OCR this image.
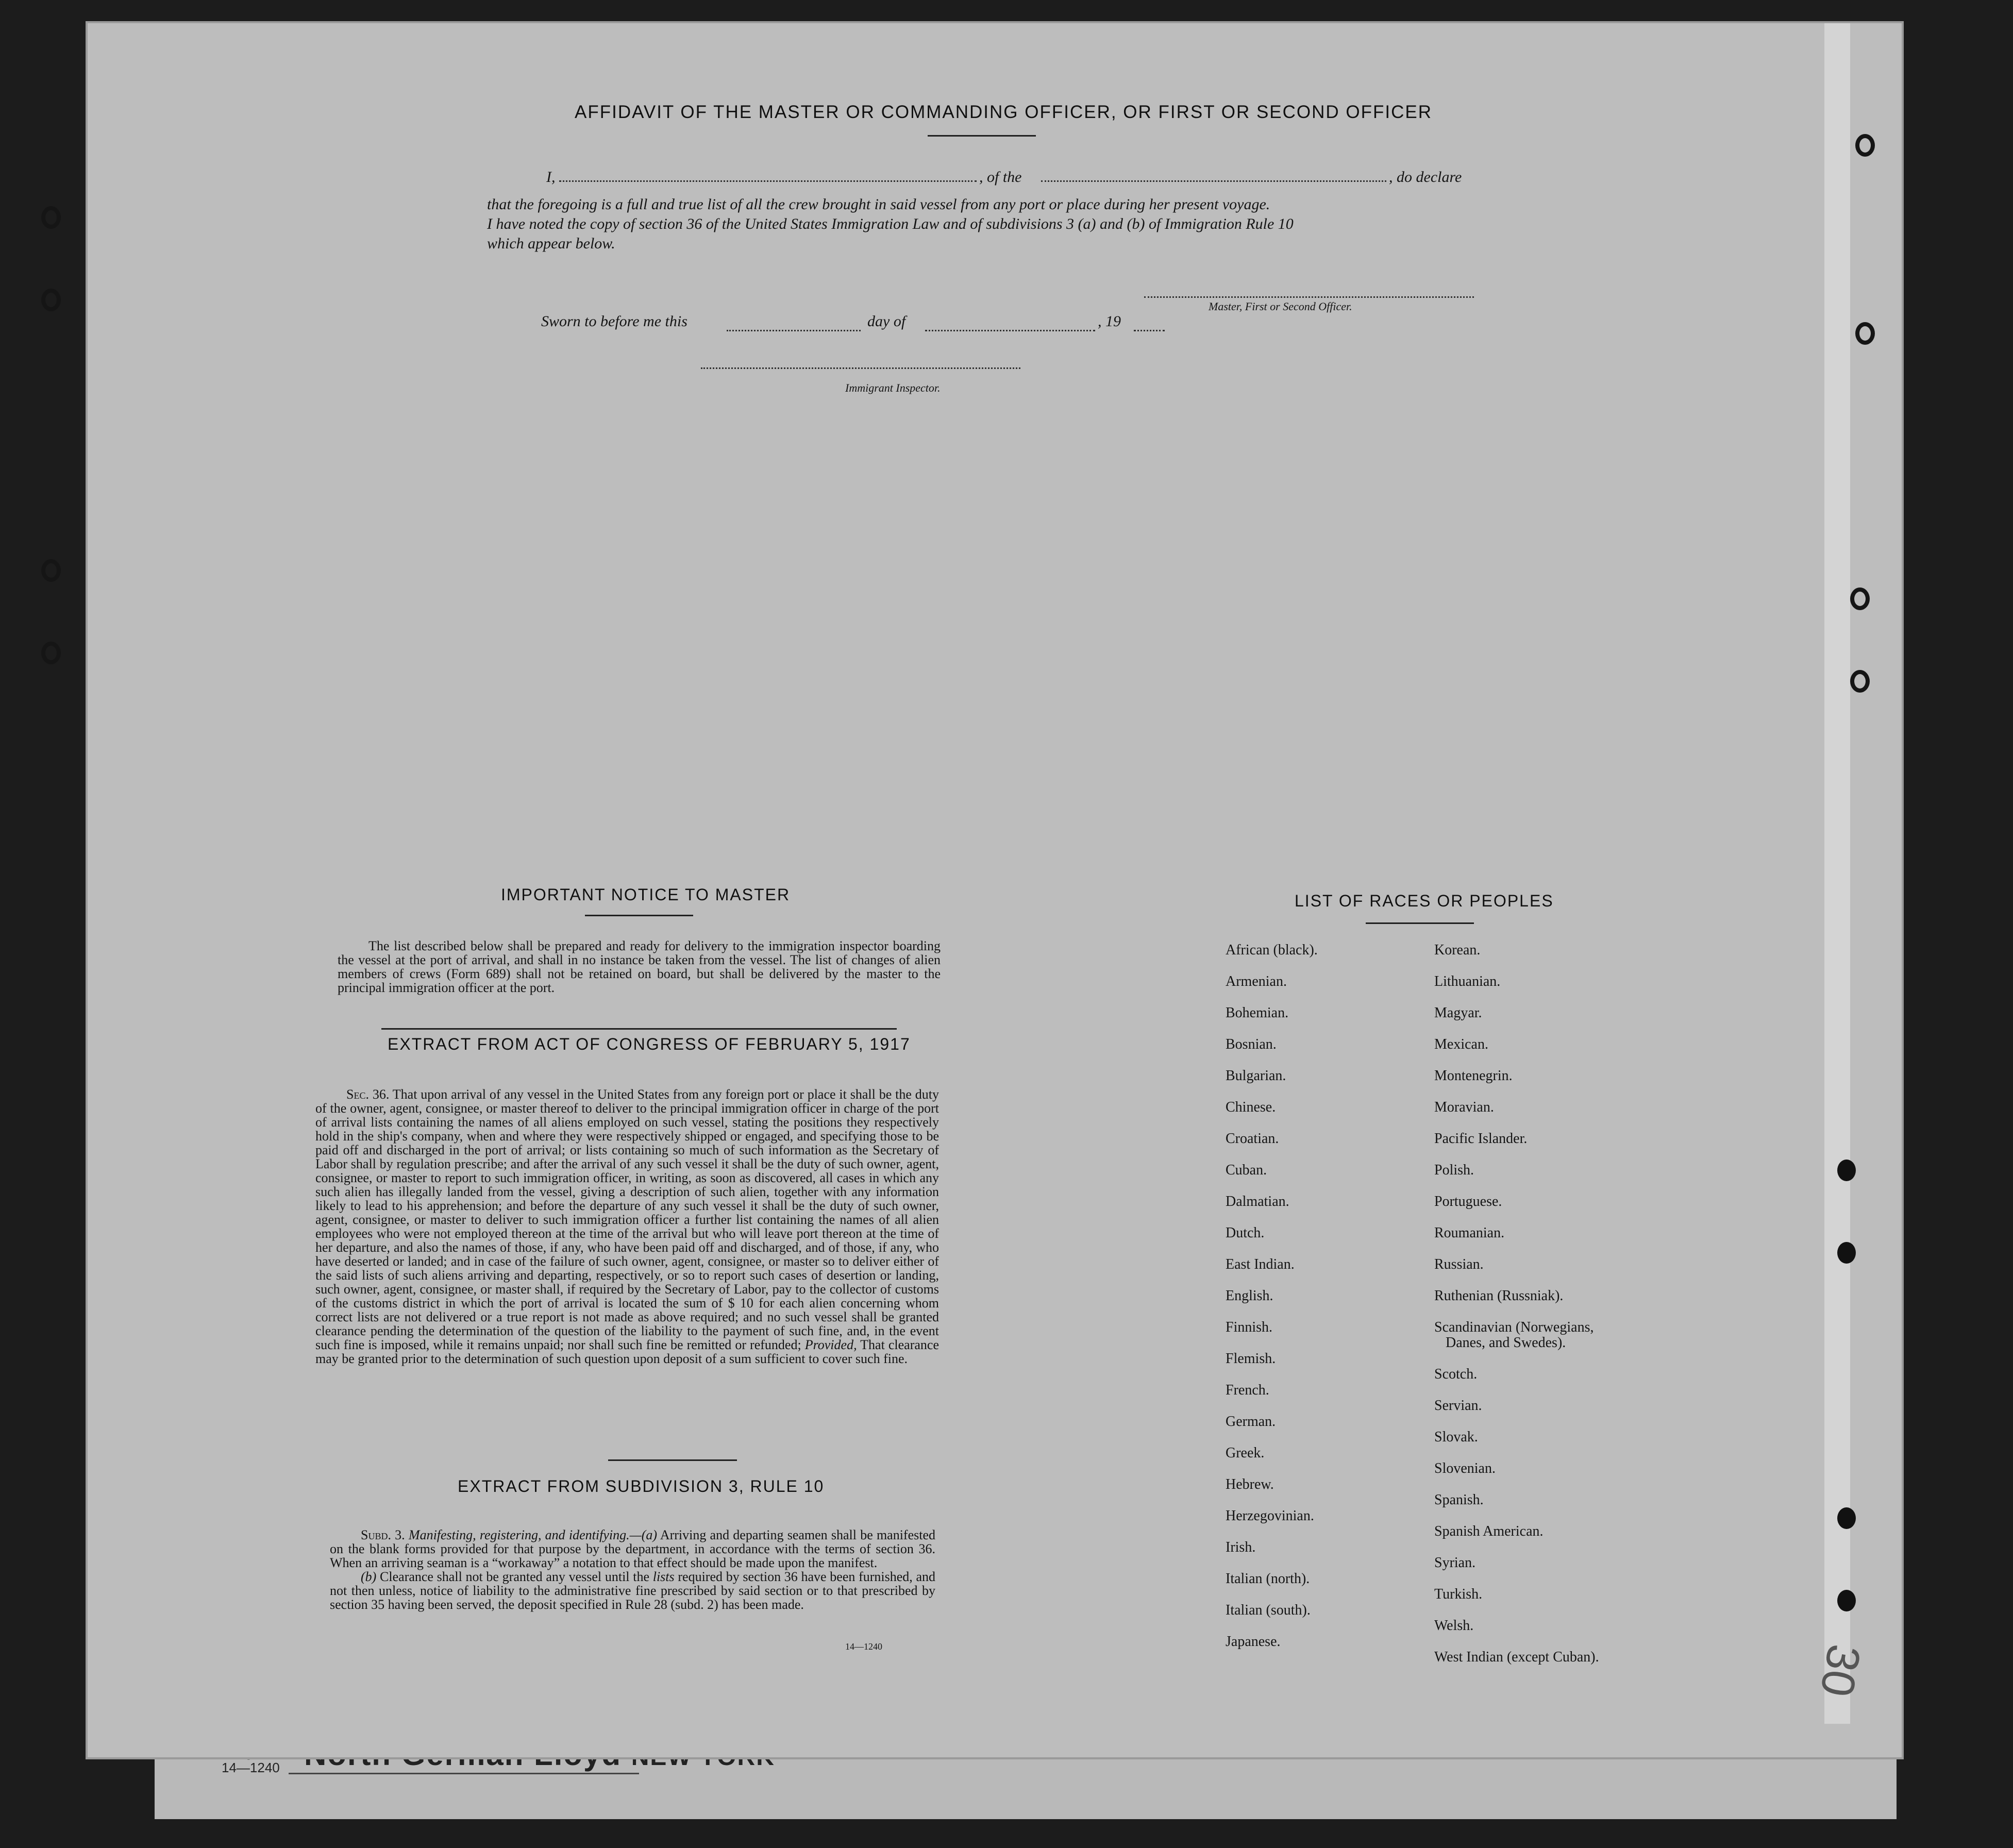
14—1240
AFFIDAVIT OF THE MASTER OR COMMANDING OFFICER, OR FIRST OR SECOND OFFICER
I,	, of the	, do declare
that the foregoing is a full and true list of all the crew brought in said vessel from any port or place during her present voyage.
I have noted the copy of section 36 of the United States Immigration Law and of subdivisions 3 (a) and (b) of Immigration Rule 10
which appear below.
Master, First or Second Officer.
Sworn to before me this	day of	, 19
Immigrant Inspector.
IMPORTANT NOTICE TO MASTER

The list described below shall be prepared and ready for delivery to the immigration inspector boarding the vessel at the port of arrival, and shall in no instance be taken from the vessel. The list of changes of alien members of crews (Form 689) shall not be retained on board, but shall be delivered by the master to the principal immigration officer at the port.

EXTRACT FROM ACT OF CONGRESS OF FEBRUARY 5, 1917

Sec. 36. That upon arrival of any vessel in the United States from any foreign port or place it shall be the duty of the owner, agent, consignee, or master thereof to deliver to the principal immigration officer in charge of the port of arrival lists containing the names of all aliens employed on such vessel, stating the positions they respectively hold in the ship's company, when and where they were respectively shipped or engaged, and specifying those to be paid off and discharged in the port of arrival; or lists containing so much of such information as the Secretary of Labor shall by regulation prescribe; and after the arrival of any such vessel it shall be the duty of such owner, agent, consignee, or master to report to such immigration officer, in writing, as soon as discovered, all cases in which any such alien has illegally landed from the vessel, giving a description of such alien, together with any information likely to lead to his apprehension; and before the departure of any such vessel it shall be the duty of such owner, agent, consignee, or master to deliver to such immigration officer a further list containing the names of all alien employees who were not employed thereon at the time of the arrival but who will leave port thereon at the time of her departure, and also the names of those, if any, who have been paid off and discharged, and of those, if any, who have deserted or landed; and in case of the failure of such owner, agent, consignee, or master so to deliver either of the said lists of such aliens arriving and departing, respectively, or so to report such cases of desertion or landing, such owner, agent, consignee, or master shall, if required by the Secretary of Labor, pay to the collector of customs of the customs district in which the port of arrival is located the sum of $ 10 for each alien concerning whom correct lists are not delivered or a true report is not made as above required; and no such vessel shall be granted clearance pending the determination of the question of the liability to the payment of such fine, and, in the event such fine is imposed, while it remains unpaid; nor shall such fine be remitted or refunded; Provided, That clearance may be granted prior to the determination of such question upon deposit of a sum sufficient to cover such fine.

EXTRACT FROM SUBDIVISION 3, RULE 10

Subd. 3. Manifesting, registering, and identifying.—(a) Arriving and departing seamen shall be manifested on the blank forms provided for that purpose by the department, in accordance with the terms of section 36. When an arriving seaman is a “workaway” a notation to that effect should be made upon the manifest.

(b) Clearance shall not be granted any vessel until the lists required by section 36 have been furnished, and not then unless, notice of liability to the administrative fine prescribed by said section or to that prescribed by section 35 having been served, the deposit specified in Rule 28 (subd. 2) has been made.

14—1240
LIST OF RACES OR PEOPLES
African (black).
Armenian.
Bohemian.
Bosnian.
Bulgarian.
Chinese.
Croatian.
Cuban.
Dalmatian.
Dutch.
East Indian.
English.
Finnish.
Flemish.
French.
German.
Greek.
Hebrew.
Herzegovinian.
Irish.
Italian (north).
Italian (south).
Japanese.
Korean.
Lithuanian.
Magyar.
Mexican.
Montenegrin.
Moravian.
Pacific Islander.
Polish.
Portuguese.
Roumanian.
Russian.
Ruthenian (Russniak).
Scandinavian (Norwegians,
Danes, and Swedes).
Scotch.
Servian.
Slovak.
Slovenian.
Spanish.
Spanish American.
Syrian.
Turkish.
Welsh.
West Indian (except Cuban).	30
